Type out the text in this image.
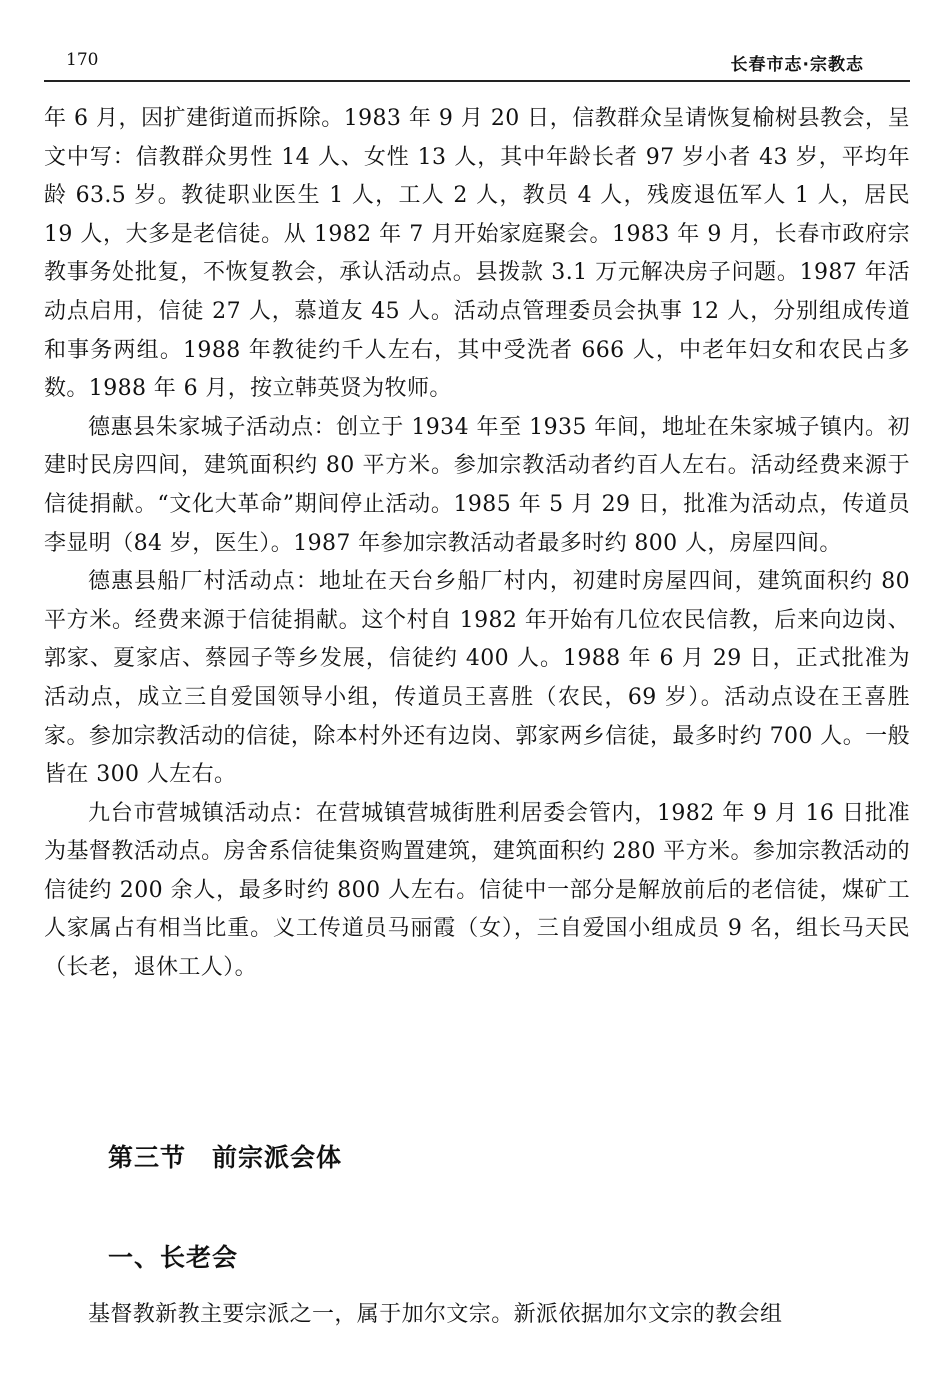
170	长春市志·宗教志

年 6 月，因扩建街道而拆除。1983 年 9 月 20 日，信教群众呈请恢复榆树县教会，呈文中写：信教群众男性 14 人、女性 13 人，其中年龄长者 97 岁小者 43 岁，平均年龄 63.5 岁。教徒职业医生 1 人，工人 2 人，教员 4 人，残废退伍军人 1 人，居民 19 人，大多是老信徒。从 1982 年 7 月开始家庭聚会。1983 年 9 月，长春市政府宗教事务处批复，不恢复教会，承认活动点。县拨款 3.1 万元解决房子问题。1987 年活动点启用，信徒 27 人，慕道友 45 人。活动点管理委员会执事 12 人，分别组成传道和事务两组。1988 年教徒约千人左右，其中受洗者 666 人，中老年妇女和农民占多数。1988 年 6 月，按立韩英贤为牧师。

德惠县朱家城子活动点：创立于 1934 年至 1935 年间，地址在朱家城子镇内。初建时民房四间，建筑面积约 80 平方米。参加宗教活动者约百人左右。活动经费来源于信徒捐献。“文化大革命”期间停止活动。1985 年 5 月 29 日，批准为活动点，传道员李显明（84 岁，医生）。1987 年参加宗教活动者最多时约 800 人，房屋四间。

德惠县船厂村活动点：地址在天台乡船厂村内，初建时房屋四间，建筑面积约 80 平方米。经费来源于信徒捐献。这个村自 1982 年开始有几位农民信教，后来向边岗、郭家、夏家店、蔡园子等乡发展，信徒约 400 人。1988 年 6 月 29 日，正式批准为活动点，成立三自爱国领导小组，传道员王喜胜（农民，69 岁）。活动点设在王喜胜家。参加宗教活动的信徒，除本村外还有边岗、郭家两乡信徒，最多时约 700 人。一般皆在 300 人左右。

九台市营城镇活动点：在营城镇营城街胜利居委会管内，1982 年 9 月 16 日批准为基督教活动点。房舍系信徒集资购置建筑，建筑面积约 280 平方米。参加宗教活动的信徒约 200 余人，最多时约 800 人左右。信徒中一部分是解放前后的老信徒，煤矿工人家属占有相当比重。义工传道员马丽霞（女），三自爱国小组成员 9 名，组长马天民（长老，退休工人）。

第三节　前宗派会体
一、长老会

基督教新教主要宗派之一，属于加尔文宗。新派依据加尔文宗的教会组
